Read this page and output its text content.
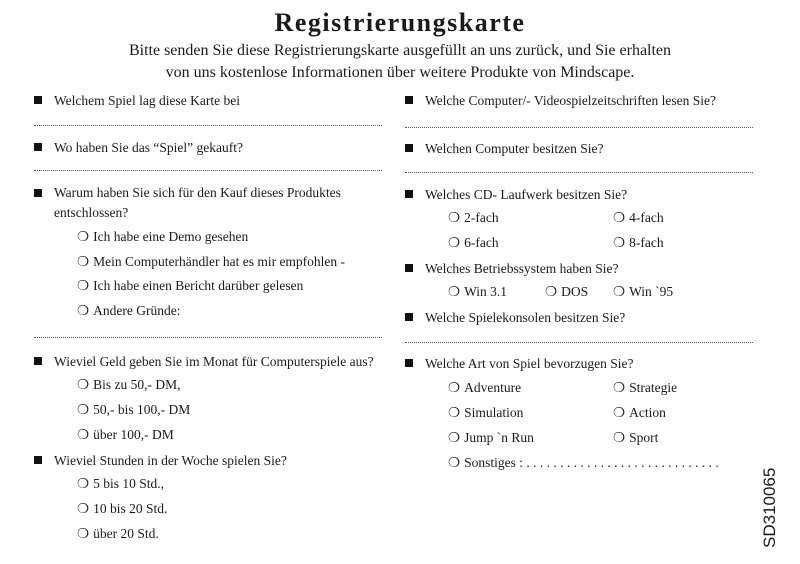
Registrierungskarte
Bitte senden Sie diese Registrierungskarte ausgefüllt an uns zurück, und Sie erhalten
von uns kostenlose Informationen über weitere Produkte von Mindscape.
Welchem Spiel lag diese Karte bei
Wo haben Sie das “Spiel” gekauft?
Warum haben Sie sich für den Kauf dieses Produktes entschlossen?
❍ Ich habe eine Demo gesehen
❍ Mein Computerhändler hat es mir empfohlen -
❍ Ich habe einen Bericht darüber gelesen
❍ Andere Gründe:
Wieviel Geld geben Sie im Monat für Computerspiele aus?
❍ Bis zu 50,- DM,
❍ 50,- bis 100,- DM
❍ über 100,- DM
Wieviel Stunden in der Woche spielen Sie?
❍ 5 bis 10 Std.,
❍ 10 bis 20 Std.
❍ über 20 Std.
Welche Computer/- Videospielzeitschriften lesen Sie?
Welchen Computer besitzen Sie?
Welches CD- Laufwerk besitzen Sie?
❍ 2-fach	❍ 4-fach
❍ 6-fach	❍ 8-fach
Welches Betriebssystem haben Sie?
❍ Win 3.1	❍ DOS ❍ Win `95
Welche Spielekonsolen besitzen Sie?
Welche Art von Spiel bevorzugen Sie?
❍ Adventure	❍ Strategie
❍ Simulation	❍ Action
❍ Jump `n Run	❍ Sport
❍ Sonstiges : . . . . . . . . . . . . . . . . . . . . . . . . . . . . .
SD310065
